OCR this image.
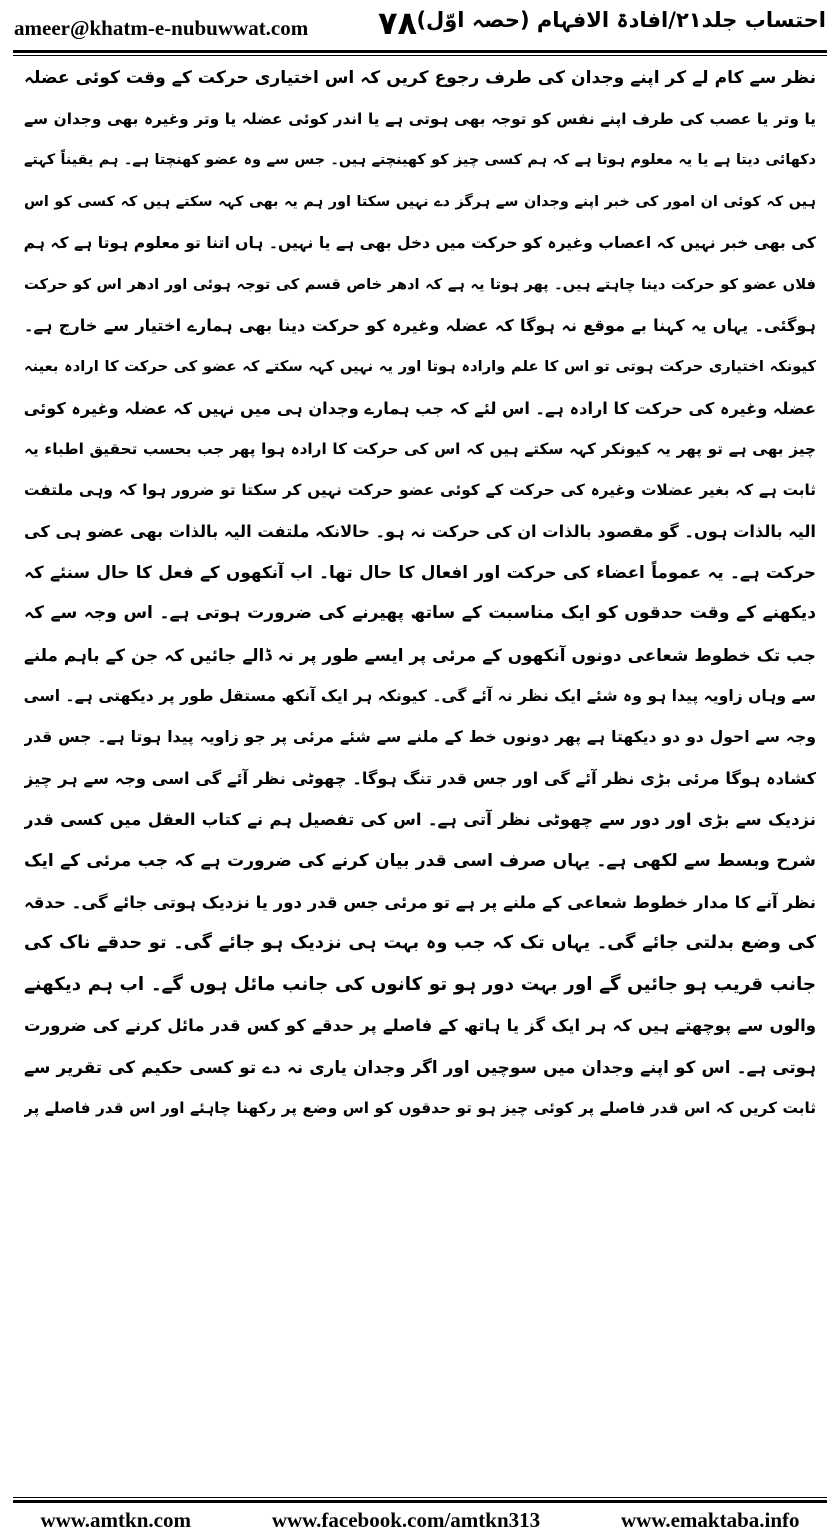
ameer@khatm-e-nubuwwat.com ۷۸ احتساب جلد۲۱/افادۃ الافہام (حصہ اوّل)
نظر سے کام لے کر اپنے وجدان کی طرف رجوع کریں کہ اس اختیاری حرکت کے وقت کوئی عضلہ
یا وتر یا عصب کی طرف اپنے نفس کو توجہ بھی ہوتی ہے یا اندر کوئی عضلہ یا وتر وغیرہ بھی وجدان سے
دکھائی دیتا ہے یا یہ معلوم ہوتا ہے کہ ہم کسی چیز کو کھینچتے ہیں۔ جس سے وہ عضو کھنچتا ہے۔ ہم یقیناً کہتے
ہیں کہ کوئی ان امور کی خبر اپنے وجدان سے ہرگز دے نہیں سکتا اور ہم یہ بھی کہہ سکتے ہیں کہ کسی کو اس
کی بھی خبر نہیں کہ اعصاب وغیرہ کو حرکت میں دخل بھی ہے یا نہیں۔ ہاں اتنا تو معلوم ہوتا ہے کہ ہم
فلاں عضو کو حرکت دینا چاہتے ہیں۔ پھر ہوتا یہ ہے کہ ادھر خاص قسم کی توجہ ہوئی اور ادھر اس کو حرکت
ہوگئی۔ یہاں یہ کہنا بے موقع نہ ہوگا کہ عضلہ وغیرہ کو حرکت دینا بھی ہمارے اختیار سے خارج ہے۔
کیونکہ اختیاری حرکت ہوتی تو اس کا علم وارادہ ہوتا اور یہ نہیں کہہ سکتے کہ عضو کی حرکت کا ارادہ بعینہ
عضلہ وغیرہ کی حرکت کا ارادہ ہے۔ اس لئے کہ جب ہمارے وجدان ہی میں نہیں کہ عضلہ وغیرہ کوئی
چیز بھی ہے تو پھر یہ کیونکر کہہ سکتے ہیں کہ اس کی حرکت کا ارادہ ہوا پھر جب بحسب تحقیق اطباء یہ
ثابت ہے کہ بغیر عضلات وغیرہ کی حرکت کے کوئی عضو حرکت نہیں کر سکتا تو ضرور ہوا کہ وہی ملتفت
الیہ بالذات ہوں۔ گو مقصود بالذات ان کی حرکت نہ ہو۔ حالانکہ ملتفت الیہ بالذات بھی عضو ہی کی
حرکت ہے۔ یہ عموماً اعضاء کی حرکت اور افعال کا حال تھا۔ اب آنکھوں کے فعل کا حال سنئے کہ
دیکھنے کے وقت حدقوں کو ایک مناسبت کے ساتھ پھیرنے کی ضرورت ہوتی ہے۔ اس وجہ سے کہ
جب تک خطوط شعاعی دونوں آنکھوں کے مرئی پر ایسے طور پر نہ ڈالے جائیں کہ جن کے باہم ملنے
سے وہاں زاویہ پیدا ہو وہ شئے ایک نظر نہ آئے گی۔ کیونکہ ہر ایک آنکھ مستقل طور پر دیکھتی ہے۔ اسی
وجہ سے احول دو دو دیکھتا ہے پھر دونوں خط کے ملنے سے شئے مرئی پر جو زاویہ پیدا ہوتا ہے۔ جس قدر
کشادہ ہوگا مرئی بڑی نظر آئے گی اور جس قدر تنگ ہوگا۔ چھوٹی نظر آئے گی اسی وجہ سے ہر چیز
نزدیک سے بڑی اور دور سے چھوٹی نظر آتی ہے۔ اس کی تفصیل ہم نے کتاب العقل میں کسی قدر
شرح وبسط سے لکھی ہے۔ یہاں صرف اسی قدر بیان کرنے کی ضرورت ہے کہ جب مرئی کے ایک
نظر آنے کا مدار خطوط شعاعی کے ملنے پر ہے تو مرئی جس قدر دور یا نزدیک ہوتی جائے گی۔ حدقہ
کی وضع بدلتی جائے گی۔ یہاں تک کہ جب وہ بہت ہی نزدیک ہو جائے گی۔ تو حدقے ناک کی
جانب قریب ہو جائیں گے اور بہت دور ہو تو کانوں کی جانب مائل ہوں گے۔ اب ہم دیکھنے
والوں سے پوچھتے ہیں کہ ہر ایک گز یا ہاتھ کے فاصلے پر حدقے کو کس قدر مائل کرنے کی ضرورت
ہوتی ہے۔ اس کو اپنے وجدان میں سوچیں اور اگر وجدان یاری نہ دے تو کسی حکیم کی تقریر سے
ثابت کریں کہ اس قدر فاصلے پر کوئی چیز ہو تو حدقوں کو اس وضع پر رکھنا چاہئے اور اس قدر فاصلے پر
www.amtkn.com	www.facebook.com/amtkn313	www.emaktaba.info
